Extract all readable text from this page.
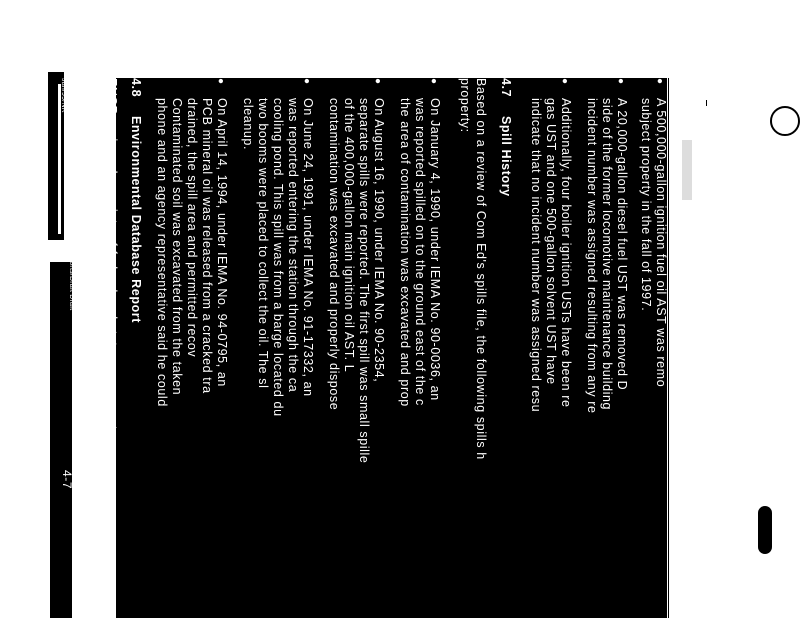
●
A 500,000-gallon ignition fuel oil AST was remo
subject property in the fall of 1997.
●
A 20,000-gallon diesel fuel UST was removed D
side of the former locomotive maintenance building
incident number was assigned resulting from any re
●
Additionally, four boiler ignition USTs have been re
gas UST and one 500-gallon solvent UST have
indicate that no incident number was assigned resu
4.7
Spill History
Based on a review of Com Ed's spills file, the following spills h
property:
●
On January 4, 1990, under IEMA No. 90-0036, an
was reported spilled on to the ground east of the c
the area of contamination was excavated and prop
●
On August 16, 1990, under IEMA No. 90-2354,
separate spills were reported. The first spill was small spille
of the 400,000-gallon main ignition oil AST. L
contamination was excavated and properly dispose
●
On June 24, 1991, under IEMA No. 91-17332, an
was reported entering the station through the ca
cooling pond. This spill was from a barge located du
two booms were placed to collect the oil. The sl
cleanup.
●
On April 14, 1994, under IEMA No. 94-0795, an
PCB mineral oil was released from a cracked tra
drained, the spill area and permitted recov
Contaminated soil was excavated from the taken
phone and an agency representative said he could
4.8
Environmental Database Report
ENSR reviewed a variety of federal and state governmente
Data Resources (EDR) of Southport, Connecticut. Th
1851-023-Edison/Commonwealth Edison Company/Reports/Draft Draft
Jan/99/NR
4-7
